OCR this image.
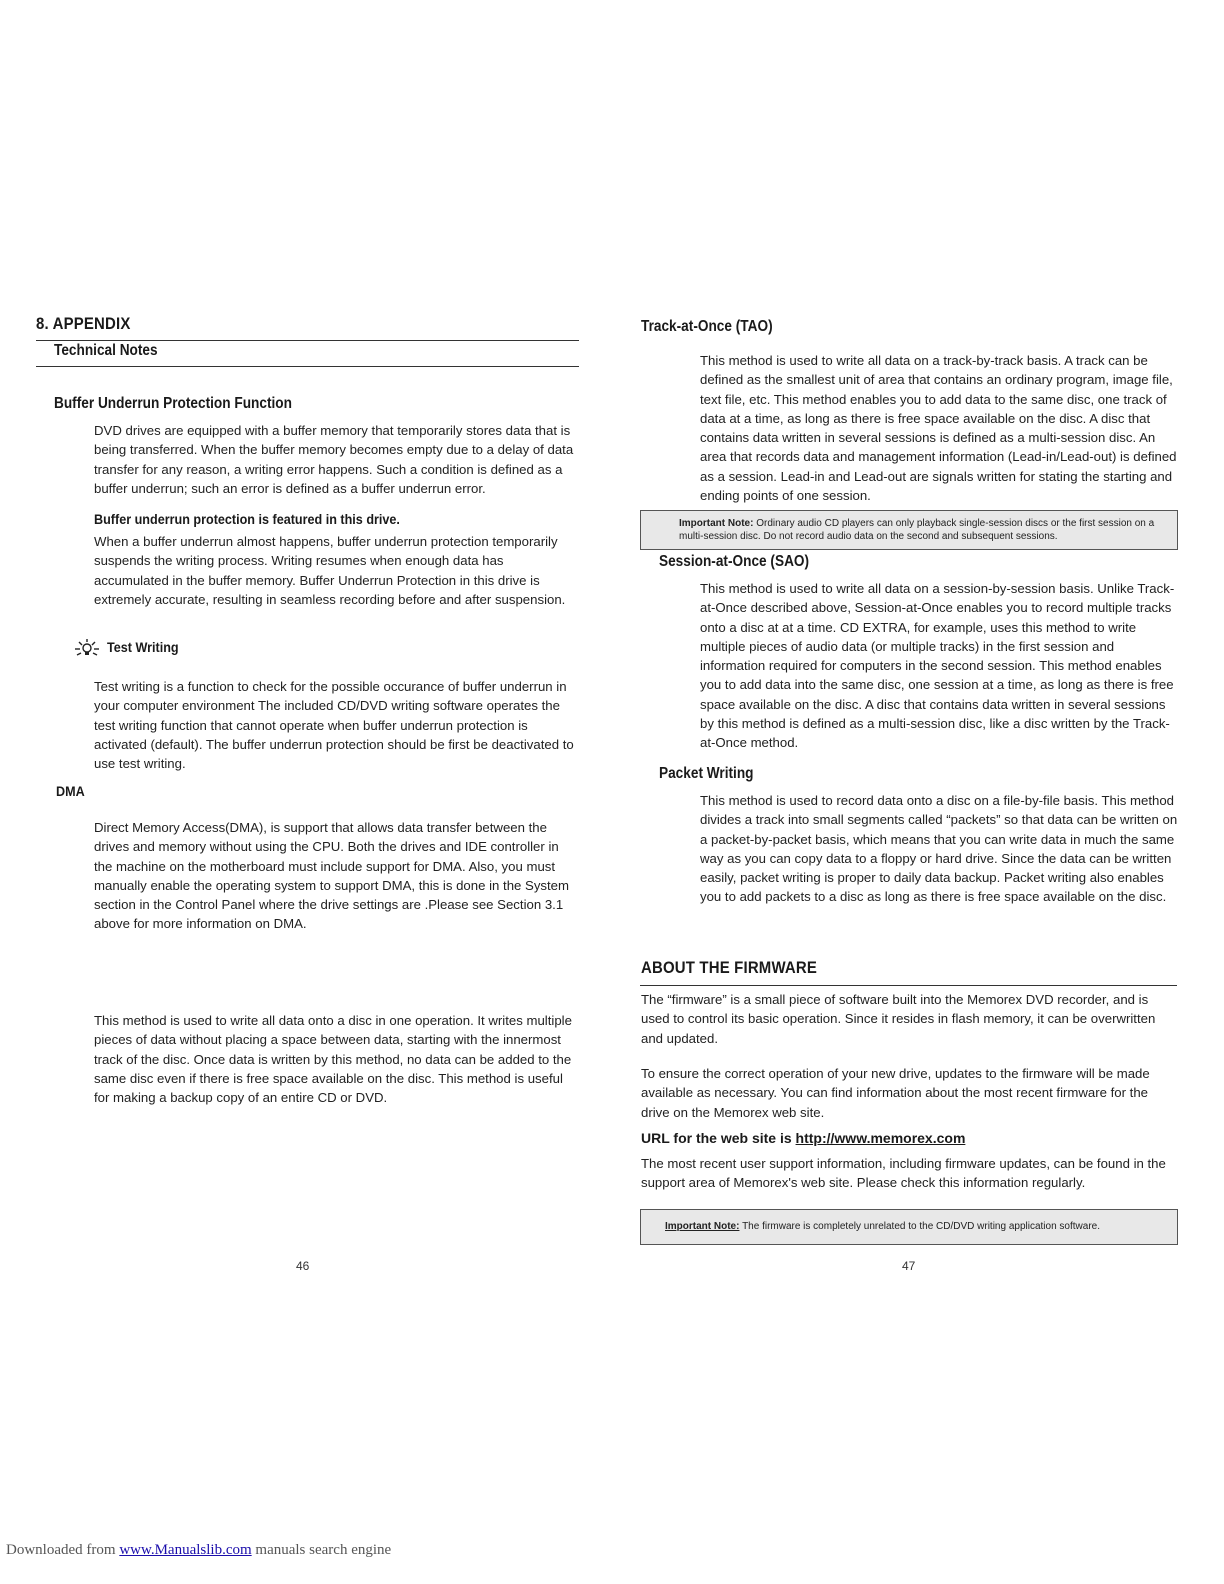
8. APPENDIX
Technical Notes
Buffer Underrun Protection Function
DVD drives are equipped with a buffer memory that temporarily stores data that is being transferred. When the buffer memory becomes empty due to a delay of data transfer for any reason, a writing error happens. Such a condition is defined as a buffer underrun; such an error is defined as a buffer underrun error.
Buffer underrun protection is featured in this drive.
When a buffer underrun almost happens, buffer underrun protection temporarily suspends the writing process. Writing resumes when enough data has accumulated in the buffer memory. Buffer Underrun Protection in this drive is extremely accurate, resulting in seamless recording before and after suspension.
Test Writing
Test writing is a function to check for the possible occurance of buffer underrun in your computer environment The included CD/DVD writing software operates the test writing function that cannot operate when buffer underrun protection is activated (default). The buffer underrun protection should be first be deactivated to use test writing.
DMA
Direct Memory Access(DMA), is support that allows data transfer between the drives and memory without using the CPU. Both the drives and IDE controller in the machine on the motherboard must include support for DMA. Also, you must manually enable the operating system to support DMA, this is done in the System section in the Control Panel where the drive settings are .Please see Section 3.1 above for more information on DMA.
This method is used to write all data onto a disc in one operation. It writes multiple pieces of data without placing a space between data, starting with the innermost track of the disc. Once data is written by this method, no data can be added to the same disc even if there is free space available on the disc. This method is useful for making a backup copy of an entire CD or DVD.
46
Track-at-Once (TAO)
This method is used to write all data on a track-by-track basis. A track can be defined as the smallest unit of area that contains an ordinary program, image file, text file, etc. This method enables you to add data to the same disc, one track of data at a time, as long as there is free space available on the disc. A disc that contains data written in several sessions is defined as a multi-session disc. An area that records data and management information (Lead-in/Lead-out) is defined as a session. Lead-in and Lead-out are signals written for stating the starting and ending points of one session.
Important Note: Ordinary audio CD players can only playback single-session discs or the first session on a multi-session disc. Do not record audio data on the second and subsequent sessions.
Session-at-Once (SAO)
This method is used to write all data on a session-by-session basis. Unlike Track-at-Once described above, Session-at-Once enables you to record multiple tracks onto a disc at at a time. CD EXTRA, for example, uses this method to write multiple pieces of audio data (or multiple tracks) in the first session and information required for computers in the second session. This method enables you to add data into the same disc, one session at a time, as long as there is free space available on the disc. A disc that contains data written in several sessions by this method is defined as a multi-session disc, like a disc written by the Track-at-Once method.
Packet Writing
This method is used to record data onto a disc on a file-by-file basis. This method divides a track into small segments called “packets” so that data can be written on a packet-by-packet basis, which means that you can write data in much the same way as you can copy data to a floppy or hard drive. Since the data can be written easily, packet writing is proper to daily data backup. Packet writing also enables you to add packets to a disc as long as there is free space available on the disc.
ABOUT THE FIRMWARE
The “firmware” is a small piece of software built into the Memorex DVD recorder, and is used to control its basic operation. Since it resides in flash memory, it can be overwritten and updated.
To ensure the correct operation of your new drive, updates to the firmware will be made available as necessary. You can find information about the most recent firmware for the drive on the Memorex web site.
URL for the web site is http://www.memorex.com
The most recent user support information, including firmware updates, can be found in the support area of Memorex's web site. Please check this information regularly.
Important Note: The firmware is completely unrelated to the CD/DVD writing application software.
47
Downloaded from www.Manualslib.com manuals search engine
